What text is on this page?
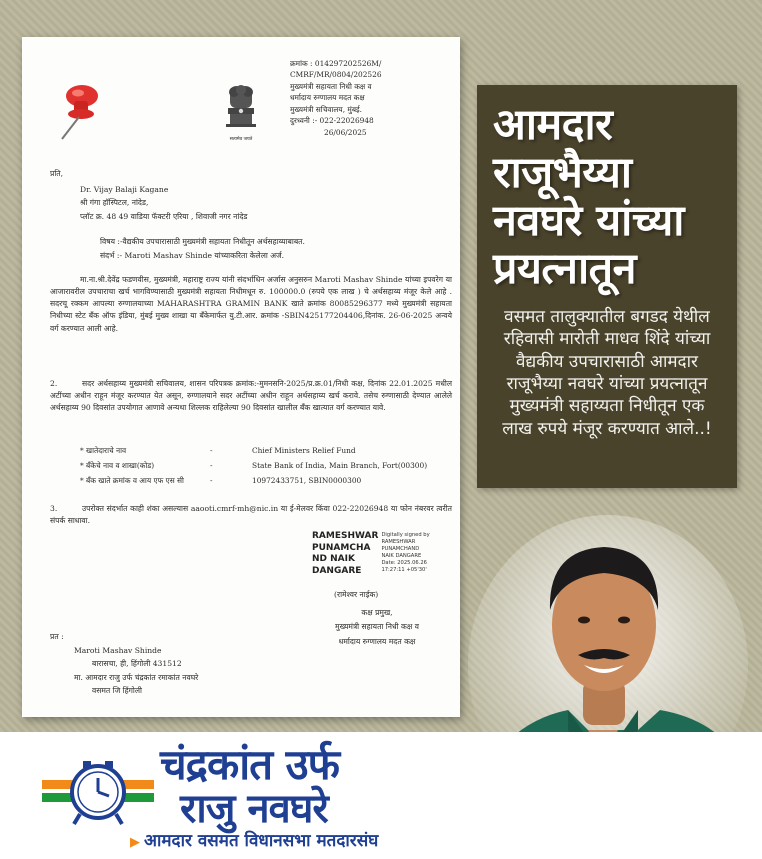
सत्यमेव जयते
क्रमांक : 014297202526M/
CMRF/MR/0804/202526
मुख्यमंत्री सहायता निधी कक्ष व
धर्मादाय रुग्णालय मदत कक्ष
मुख्यमंत्री सचिवालय, मुंबई.
दुरध्वनी :- 022-22026948
26/06/2025
प्रति,
Dr. Vijay Balaji Kagane
श्री गंगा हॉस्पिटल, नांदेड,
प्लॉट क्र. 48 49 वाडिया फॅक्टरी एरिया , शिवाजी नगर नांदेड
विषय :-वैद्यकीय उपचारासाठी मुख्यमंत्री सहायता निधीतून अर्थसहाय्याबाबत.
संदर्भ :- Maroti Mashav Shinde यांच्याकरिता केलेला अर्ज.
मा.ना.श्री.देवेंद्र फडणवीस, मुख्यमंत्री, महाराष्ट्र राज्य यांनी संदर्भाधिन अर्जास अनुसरुन Maroti Mashav Shinde यांच्या इपवरेग या आजारावरील उपचाराचा खर्च भागविण्यासाठी मुख्यमंत्री सहायता निधीमधून रु. 100000.0 (रुपये एक लाख ) चे अर्थसहाय्य मंजूर केले आहे . सदरचू रक्कम आपल्या रुग्णालयाच्या MAHARASHTRA GRAMIN BANK खाते क्रमांक 80085296377 मध्ये मुख्यमंत्री सहायता निधीच्या स्टेट बँक ऑफ इंडिया, मुंबई मुख्य शाखा या बँकेमार्फत यु.टी.आर. क्रमांक -SBIN425177204406,दिनांक. 26-06-2025 अन्वये वर्ग करण्यात आली आहे.
2.	सदर अर्थसहाय्य मुख्यमंत्री सचिवालय, शासन परिपत्रक क्रमांक:-मुमनसनि-2025/प्र.क्र.01/निधी कक्ष, दिनांक 22.01.2025 मधील अटींच्या अधीन राहून मंजूर करण्यात येत असून, रुग्णालयाने सदर अटींच्या अधीन राहून अर्थसहाय्य खर्च करावे. तसेच रुग्णासाठी देण्यात आलेले अर्थसहाय्य 90 दिवसांत उपयोगात आणावे अन्यथा शिल्लक राहिलेल्या 90 दिवसांत खालील बँक खात्यात वर्ग करण्यात यावे.
* खातेदाराचे नाव	-	Chief Ministers Relief Fund
* बँकेचे नाव व शाखा(कोड)	-	State Bank of India, Main Branch, Fort(00300)
* बँक खाते क्रमांक व आय एफ एस सी	-	10972433751, SBIN0000300
3.	उपरोक्त संदर्भात काही शंका असल्यास aaooti.cmrf-mh@nic.in या ई-मेलवर किंवा 022-22026948 या फोन नंबरवर त्वरीत संपर्क साधावा.
RAMESHWAR
PUNAMCHA
ND NAIK
DANGARE
Digitally signed by
RAMESHWAR
PUNAMCHAND
NAIK DANGARE
Date: 2025.06.26
17:27:11 +05'30'
(रामेश्वर नाईक)
कक्ष प्रमुख,
मुख्यमंत्री सहायता निधी कक्ष व
धर्मादाय रुग्णालय मदत कक्ष
प्रत :
Maroti Mashav Shinde
बारासचा, ही, हिंगोली 431512
मा. आमदार राजु उर्फ चंद्रकांत रमाकांत नवघरे
वसमत जि हिंगोली
आमदार
राजूभैय्या
नवघरे यांच्या
प्रयत्नातून
वसमत तालुक्यातील बगडद येथील रहिवासी मारोती माधव शिंदे यांच्या वैद्यकीय उपचारासाठी आमदार राजूभैय्या नवघरे यांच्या प्रयत्नातून मुख्यमंत्री सहाय्यता निधीतून एक लाख रुपये मंजूर करण्यात आले..!
चंद्रकांत उर्फ
राजु नवघरे
▶ आमदार वसमत विधानसभा मतदारसंघ
